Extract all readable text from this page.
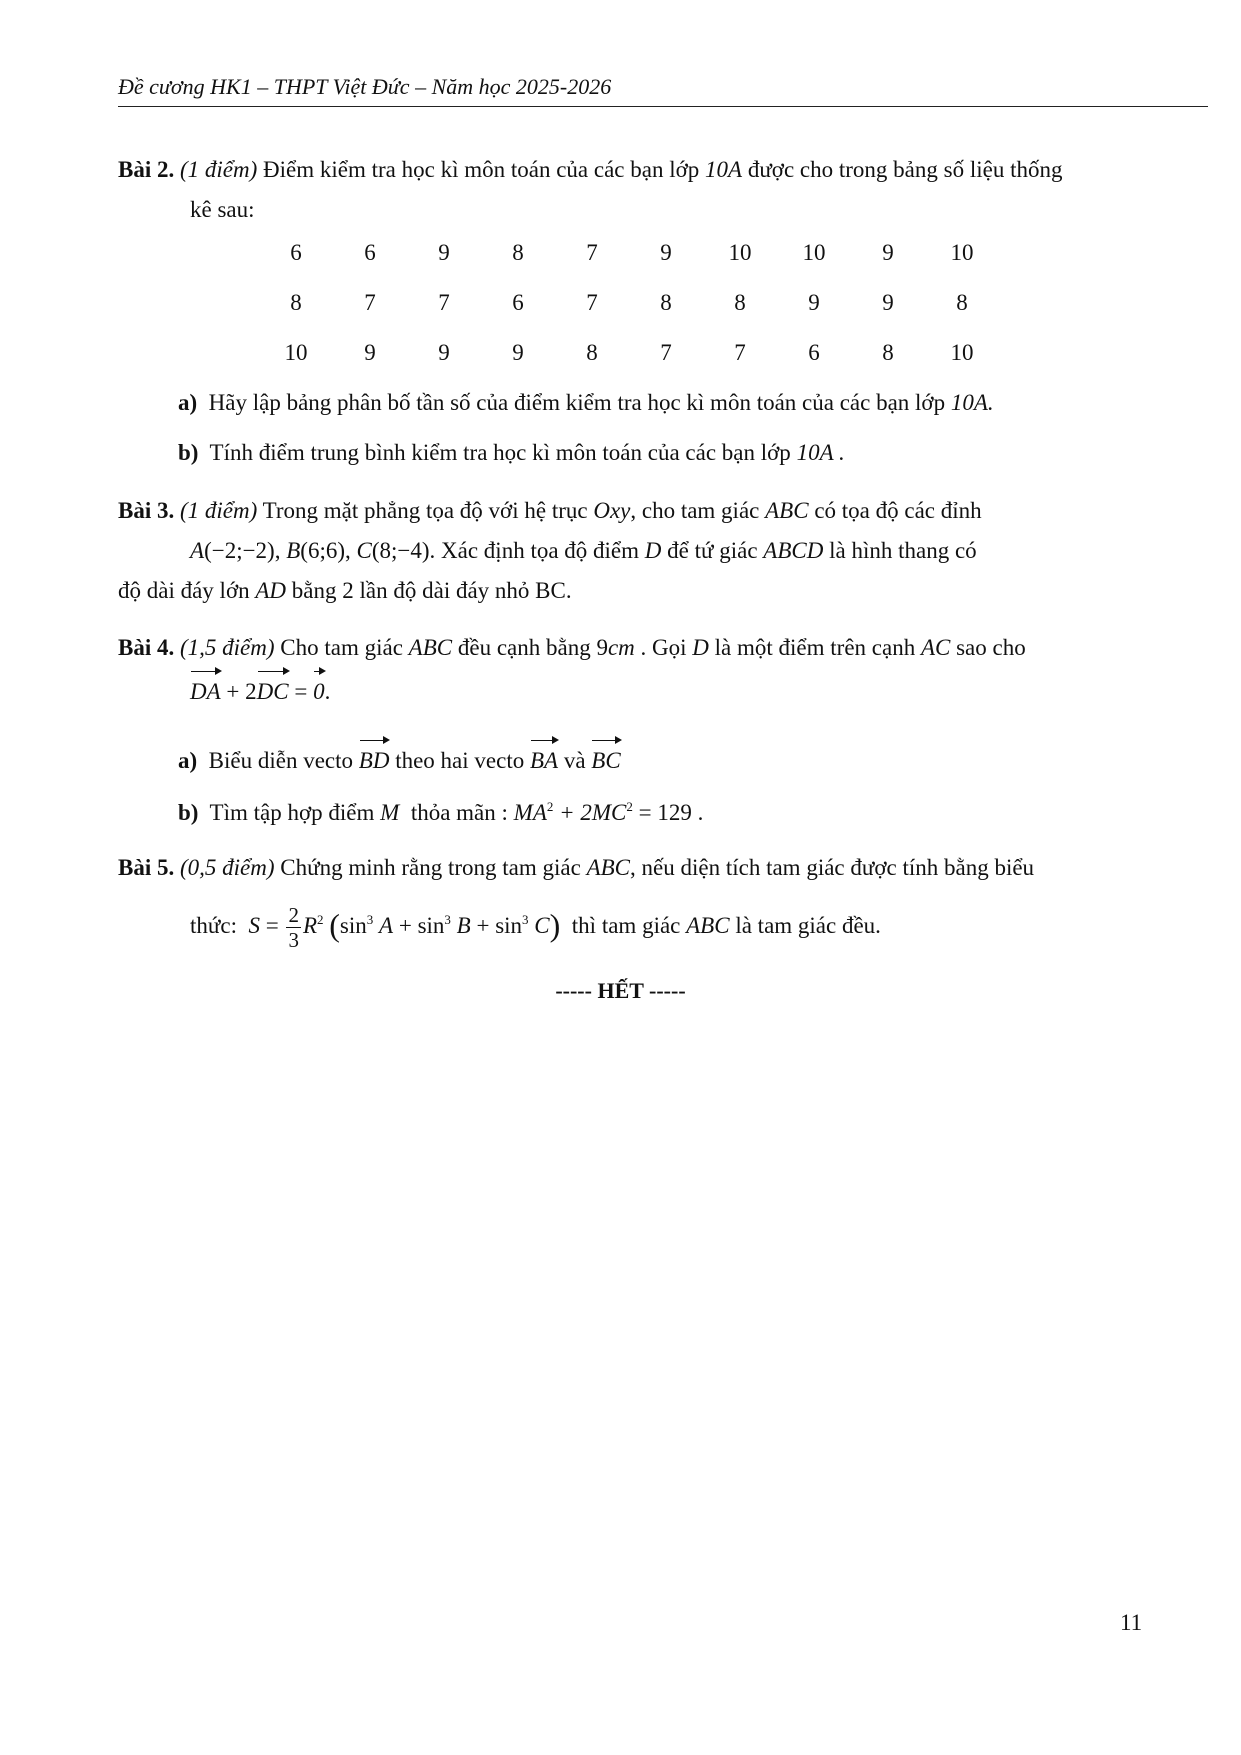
Đề cương HK1 – THPT Việt Đức – Năm học 2025-2026
Bài 2. (1 điểm) Điểm kiểm tra học kì môn toán của các bạn lớp 10A được cho trong bảng số liệu thống
kê sau:
6	6	9	8	7	9	10	10	9	10
8	7	7	6	7	8	8	9	9	8
10	9	9	9	8	7	7	6	8	10
a) Hãy lập bảng phân bố tần số của điểm kiểm tra học kì môn toán của các bạn lớp 10A.
b) Tính điểm trung bình kiểm tra học kì môn toán của các bạn lớp 10A .
Bài 3. (1 điểm) Trong mặt phẳng tọa độ với hệ trục Oxy, cho tam giác ABC có tọa độ các đỉnh
A(−2;−2), B(6;6), C(8;−4). Xác định tọa độ điểm D để tứ giác ABCD là hình thang có
độ dài đáy lớn AD bằng 2 lần độ dài đáy nhỏ BC.
Bài 4. (1,5 điểm) Cho tam giác ABC đều cạnh bằng 9cm . Gọi D là một điểm trên cạnh AC sao cho
DA + 2DC = 0.
a) Biểu diễn vecto BD theo hai vecto BA và BC
b) Tìm tập hợp điểm M thỏa mãn : $MA^2 + 2MC^2 = 129$ .
Bài 5. (0,5 điểm) Chứng minh rằng trong tam giác ABC, nếu diện tích tam giác được tính bằng biểu
thức: $S = \frac{2}{3} R^2$ ($\sin^3$ $A + \sin^3 B + \sin^3 C$) thì tam giác ABC là tam giác đều.
----- HẾT -----
11
